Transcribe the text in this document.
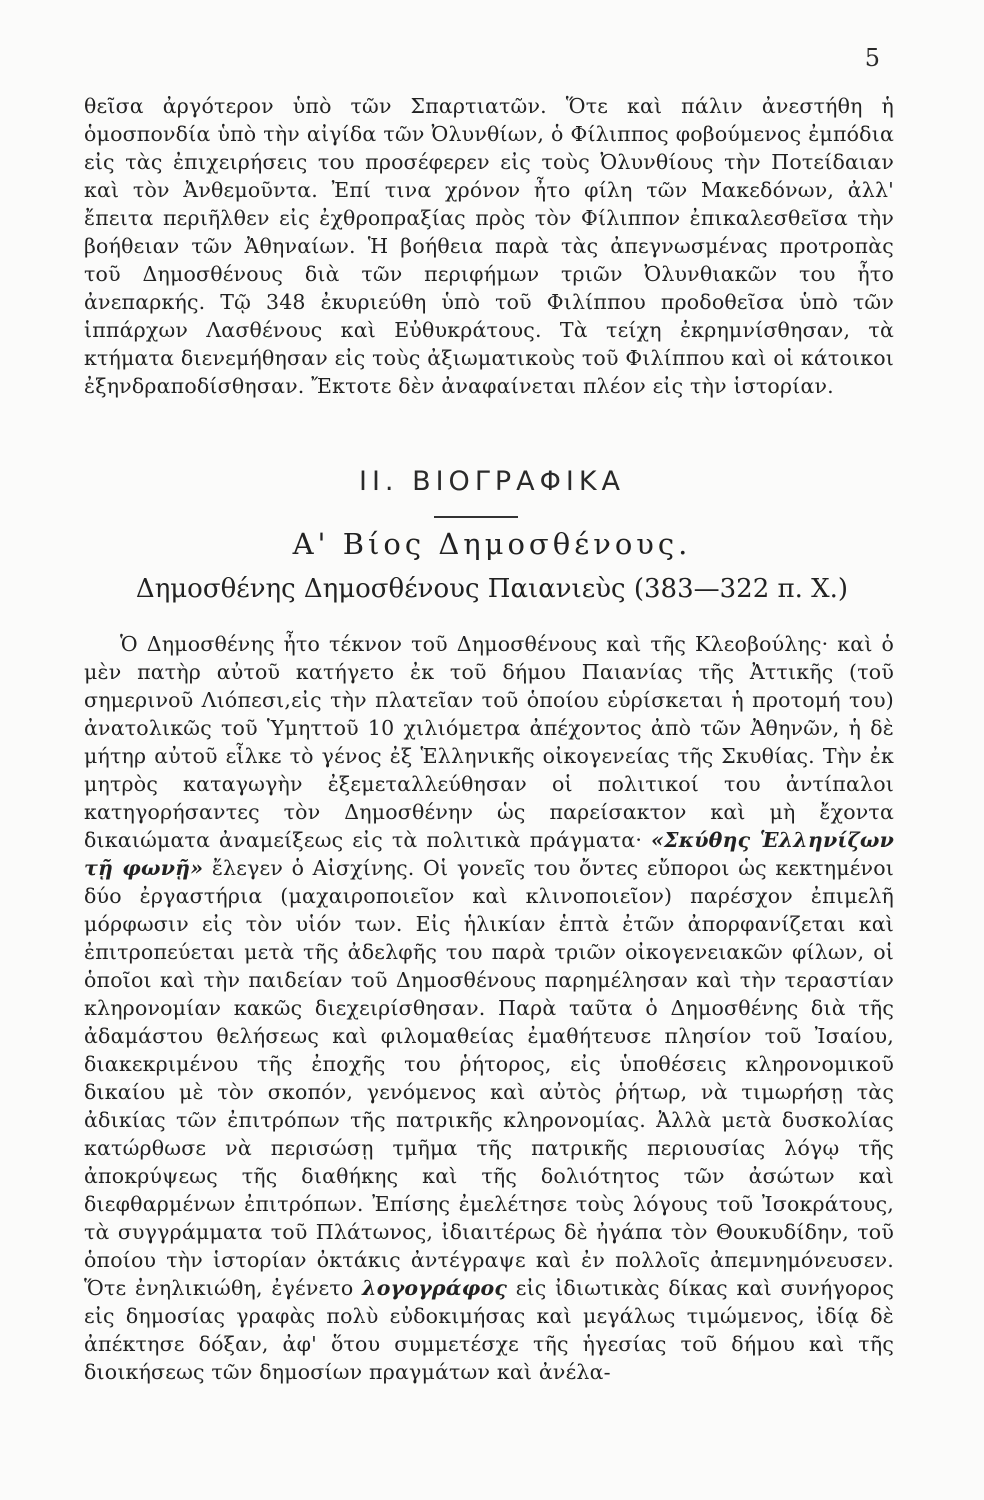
5
θεῖσα ἀργότερον ὑπὸ τῶν Σπαρτιατῶν. Ὅτε καὶ πάλιν ἀνεστήθη ἡ ὁμοσπονδία ὑπὸ τὴν αἰγίδα τῶν Ὀλυνθίων, ὁ Φίλιππος φοβούμενος ἐμπόδια εἰς τὰς ἐπιχειρήσεις του προσέφερεν εἰς τοὺς Ὀλυνθίους τὴν Ποτείδαιαν καὶ τὸν Ἀνθεμοῦντα. Ἐπί τινα χρόνον ἦτο φίλη τῶν Μακεδόνων, ἀλλ' ἔπειτα περιῆλθεν εἰς ἐχθροπραξίας πρὸς τὸν Φίλιππον ἐπικαλεσθεῖσα τὴν βοήθειαν τῶν Ἀθηναίων. Ἡ βοήθεια παρὰ τὰς ἀπεγνωσμένας προτροπὰς τοῦ Δημοσθένους διὰ τῶν περιφήμων τριῶν Ὀλυνθιακῶν του ἦτο ἀνεπαρκής. Τῷ 348 ἐκυριεύθη ὑπὸ τοῦ Φιλίππου προδοθεῖσα ὑπὸ τῶν ἱππάρχων Λασθένους καὶ Εὐθυκράτους. Τὰ τείχη ἐκρημνίσθησαν, τὰ κτήματα διενεμήθησαν εἰς τοὺς ἀξιωματικοὺς τοῦ Φιλίππου καὶ οἱ κάτοικοι ἐξηνδραποδίσθησαν. Ἔκτοτε δὲν ἀναφαίνεται πλέον εἰς τὴν ἱστορίαν.
II. ΒΙΟΓΡΑΦΙΚΑ
Α' Βίος Δημοσθένους.
Δημοσθένης Δημοσθένους Παιανιεὺς (383—322 π. Χ.)
Ὁ Δημοσθένης ἦτο τέκνον τοῦ Δημοσθένους καὶ τῆς Κλεοβούλης· καὶ ὁ μὲν πατὴρ αὐτοῦ κατήγετο ἐκ τοῦ δήμου Παιανίας τῆς Ἀττικῆς (τοῦ σημερινοῦ Λιόπεσι,εἰς τὴν πλατεῖαν τοῦ ὁποίου εὑρίσκεται ἡ προτομή του) ἀνατολικῶς τοῦ Ὑμηττοῦ 10 χιλιόμετρα ἀπέχοντος ἀπὸ τῶν Ἀθηνῶν, ἡ δὲ μήτηρ αὐτοῦ εἷλκε τὸ γένος ἐξ Ἑλληνικῆς οἰκογενείας τῆς Σκυθίας. Τὴν ἐκ μητρὸς καταγωγὴν ἐξεμεταλλεύθησαν οἱ πολιτικοί του ἀντίπαλοι κατηγορήσαντες τὸν Δημοσθένην ὡς παρείσακτον καὶ μὴ ἔχοντα δικαιώματα ἀναμείξεως εἰς τὰ πολιτικὰ πράγματα· «Σκύθης Ἑλληνίζων τῇ φωνῇ» ἔλεγεν ὁ Αἰσχίνης. Οἱ γονεῖς του ὄντες εὔποροι ὡς κεκτημένοι δύο ἐργαστήρια (μαχαιροποιεῖον καὶ κλινοποιεῖον) παρέσχον ἐπιμελῆ μόρφωσιν εἰς τὸν υἱόν των. Εἰς ἡλικίαν ἑπτὰ ἐτῶν ἀπορφανίζεται καὶ ἐπιτροπεύεται μετὰ τῆς ἀδελφῆς του παρὰ τριῶν οἰκογενειακῶν φίλων, οἱ ὁποῖοι καὶ τὴν παιδείαν τοῦ Δημοσθένους παρημέλησαν καὶ τὴν τεραστίαν κληρονομίαν κακῶς διεχειρίσθησαν. Παρὰ ταῦτα ὁ Δημοσθένης διὰ τῆς ἀδαμάστου θελήσεως καὶ φιλομαθείας ἐμαθήτευσε πλησίον τοῦ Ἰσαίου, διακεκριμένου τῆς ἐποχῆς του ῥήτορος, εἰς ὑποθέσεις κληρονομικοῦ δικαίου μὲ τὸν σκοπόν, γενόμενος καὶ αὐτὸς ῥήτωρ, νὰ τιμωρήσῃ τὰς ἀδικίας τῶν ἐπιτρόπων τῆς πατρικῆς κληρονομίας. Ἀλλὰ μετὰ δυσκολίας κατώρθωσε νὰ περισώσῃ τμῆμα τῆς πατρικῆς περιουσίας λόγῳ τῆς ἀποκρύψεως τῆς διαθήκης καὶ τῆς δολιότητος τῶν ἀσώτων καὶ διεφθαρμένων ἐπιτρόπων. Ἐπίσης ἐμελέτησε τοὺς λόγους τοῦ Ἰσοκράτους, τὰ συγγράμματα τοῦ Πλάτωνος, ἰδιαιτέρως δὲ ἠγάπα τὸν Θουκυδίδην, τοῦ ὁποίου τὴν ἱστορίαν ὀκτάκις ἀντέγραψε καὶ ἐν πολλοῖς ἀπεμνημόνευσεν. Ὅτε ἐνηλικιώθη, ἐγένετο λογογράφος εἰς ἰδιωτικὰς δίκας καὶ συνήγορος εἰς δημοσίας γραφὰς πολὺ εὐδοκιμήσας καὶ μεγάλως τιμώμενος, ἰδίᾳ δὲ ἀπέκτησε δόξαν, ἀφ' ὅτου συμμετέσχε τῆς ἡγεσίας τοῦ δήμου καὶ τῆς διοικήσεως τῶν δημοσίων πραγμάτων καὶ ἀνέλα-
